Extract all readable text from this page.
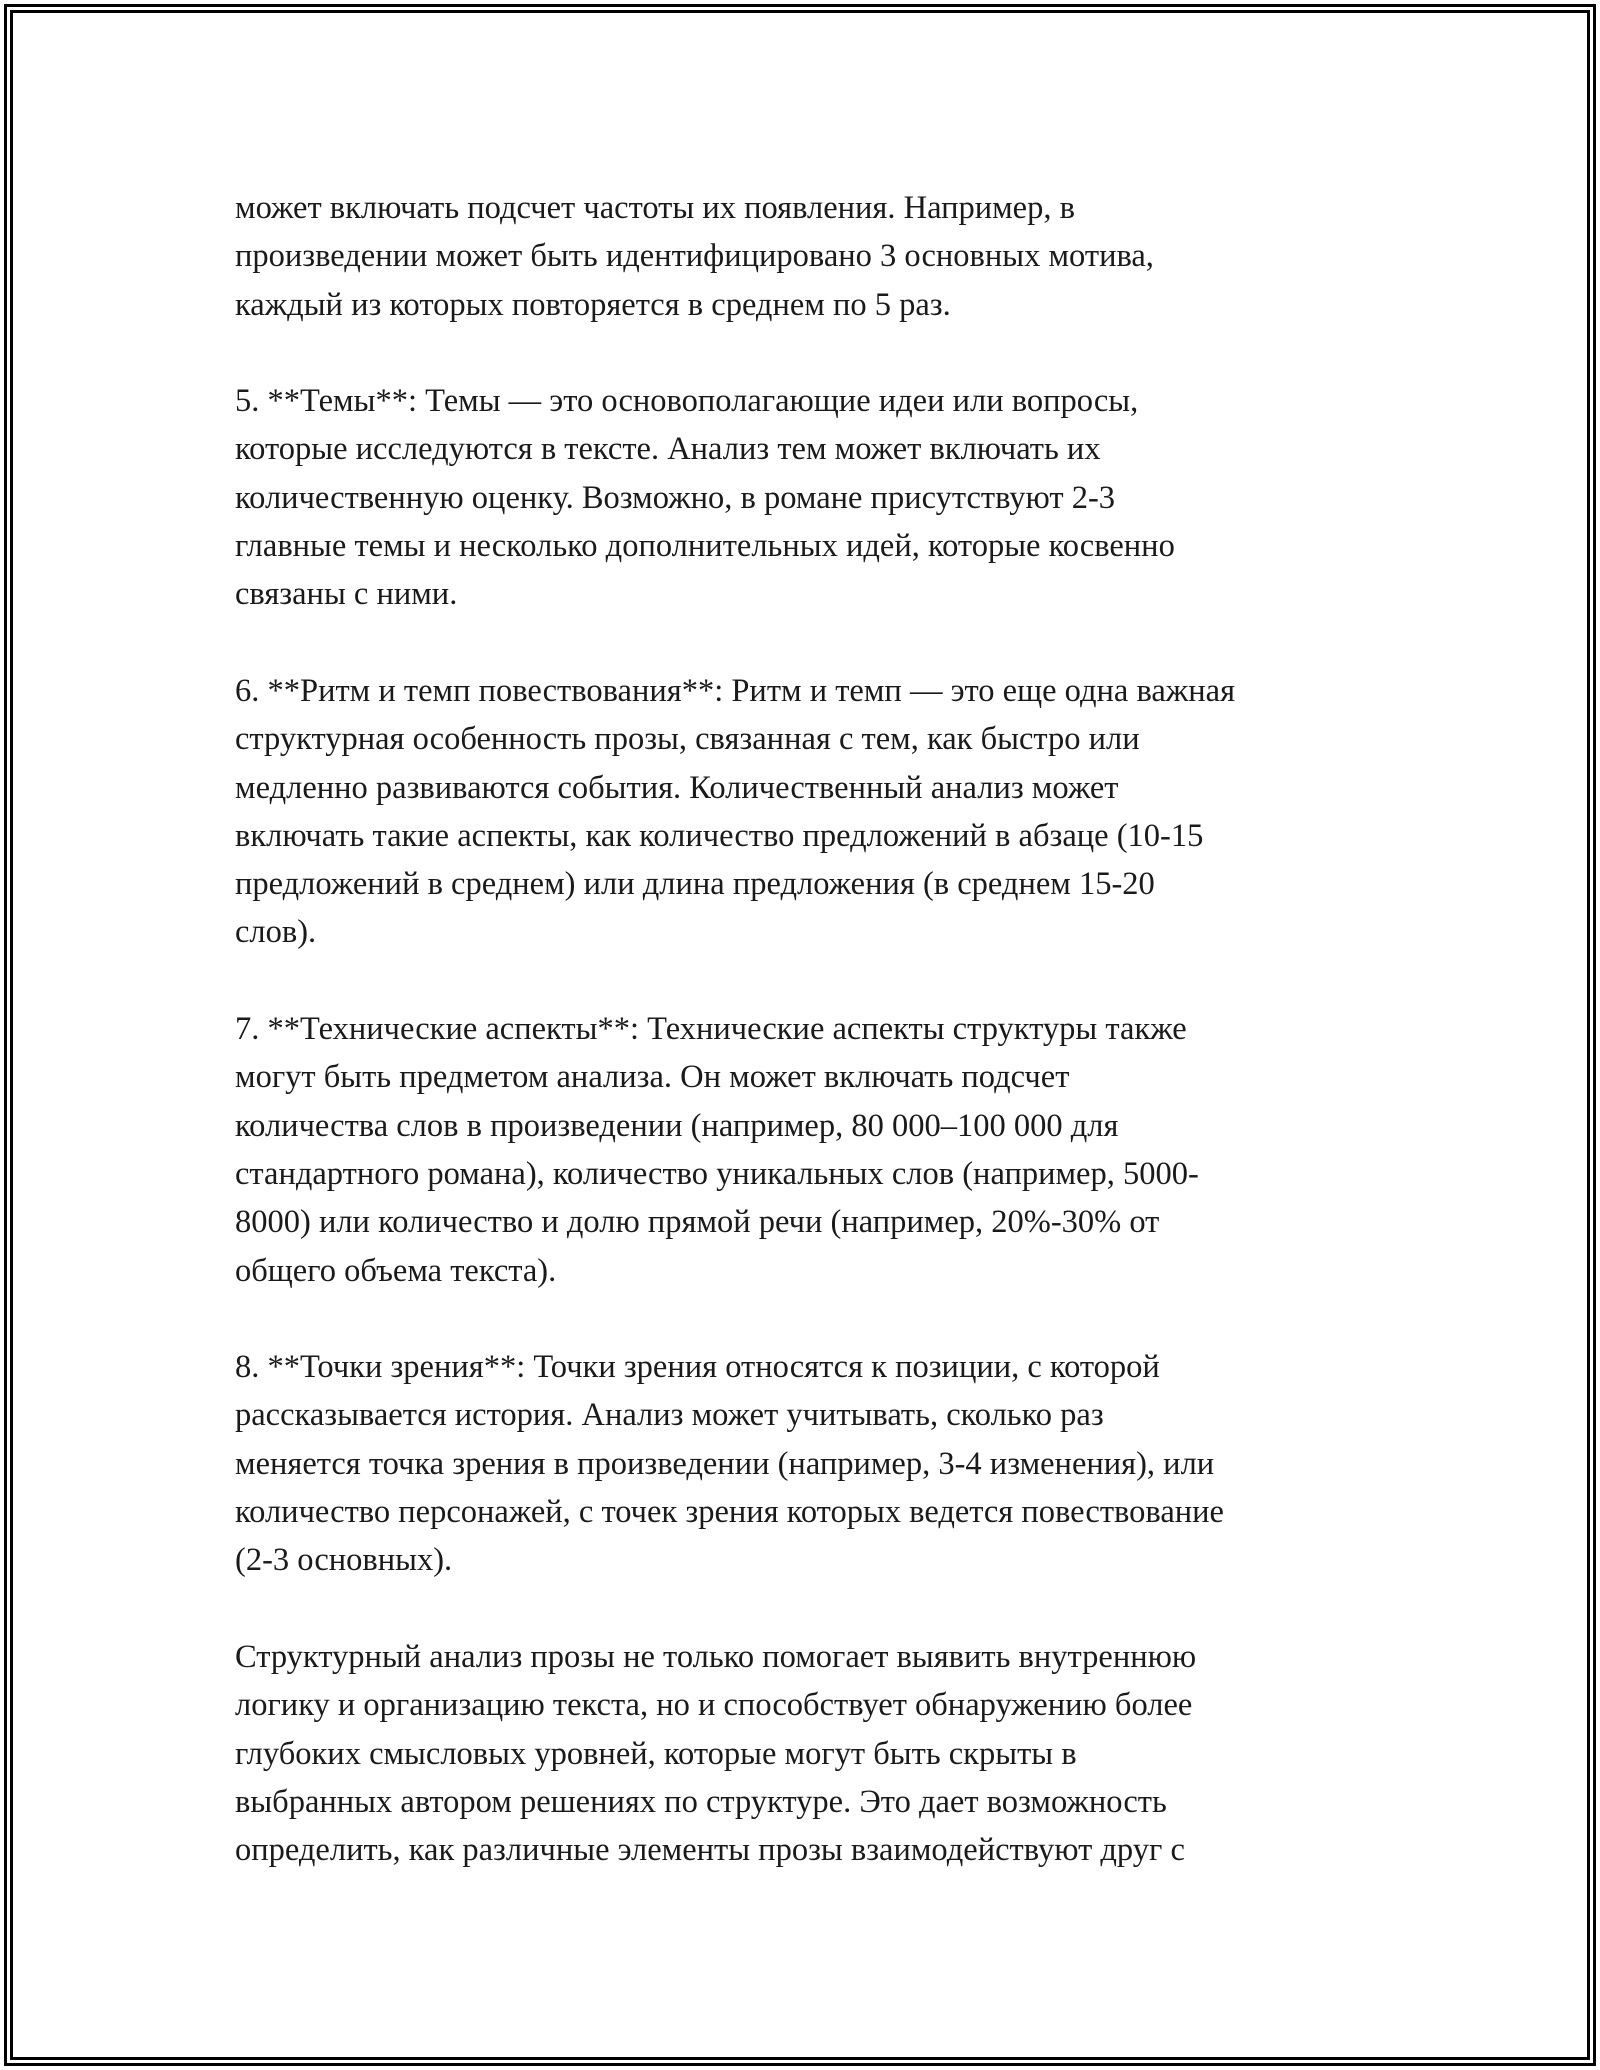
может включать подсчет частоты их появления. Например, в
произведении может быть идентифицировано 3 основных мотива,
каждый из которых повторяется в среднем по 5 раз.

5. **Темы**: Темы — это основополагающие идеи или вопросы,
которые исследуются в тексте. Анализ тем может включать их
количественную оценку. Возможно, в романе присутствуют 2-3
главные темы и несколько дополнительных идей, которые косвенно
связаны с ними.

6. **Ритм и темп повествования**: Ритм и темп — это еще одна важная
структурная особенность прозы, связанная с тем, как быстро или
медленно развиваются события. Количественный анализ может
включать такие аспекты, как количество предложений в абзаце (10-15
предложений в среднем) или длина предложения (в среднем 15-20
слов).

7. **Технические аспекты**: Технические аспекты структуры также
могут быть предметом анализа. Он может включать подсчет
количества слов в произведении (например, 80 000–100 000 для
стандартного романа), количество уникальных слов (например, 5000-
8000) или количество и долю прямой речи (например, 20%-30% от
общего объема текста).

8. **Точки зрения**: Точки зрения относятся к позиции, с которой
рассказывается история. Анализ может учитывать, сколько раз
меняется точка зрения в произведении (например, 3-4 изменения), или
количество персонажей, с точек зрения которых ведется повествование
(2-3 основных).

Структурный анализ прозы не только помогает выявить внутреннюю
логику и организацию текста, но и способствует обнаружению более
глубоких смысловых уровней, которые могут быть скрыты в
выбранных автором решениях по структуре. Это дает возможность
определить, как различные элементы прозы взаимодействуют друг с
